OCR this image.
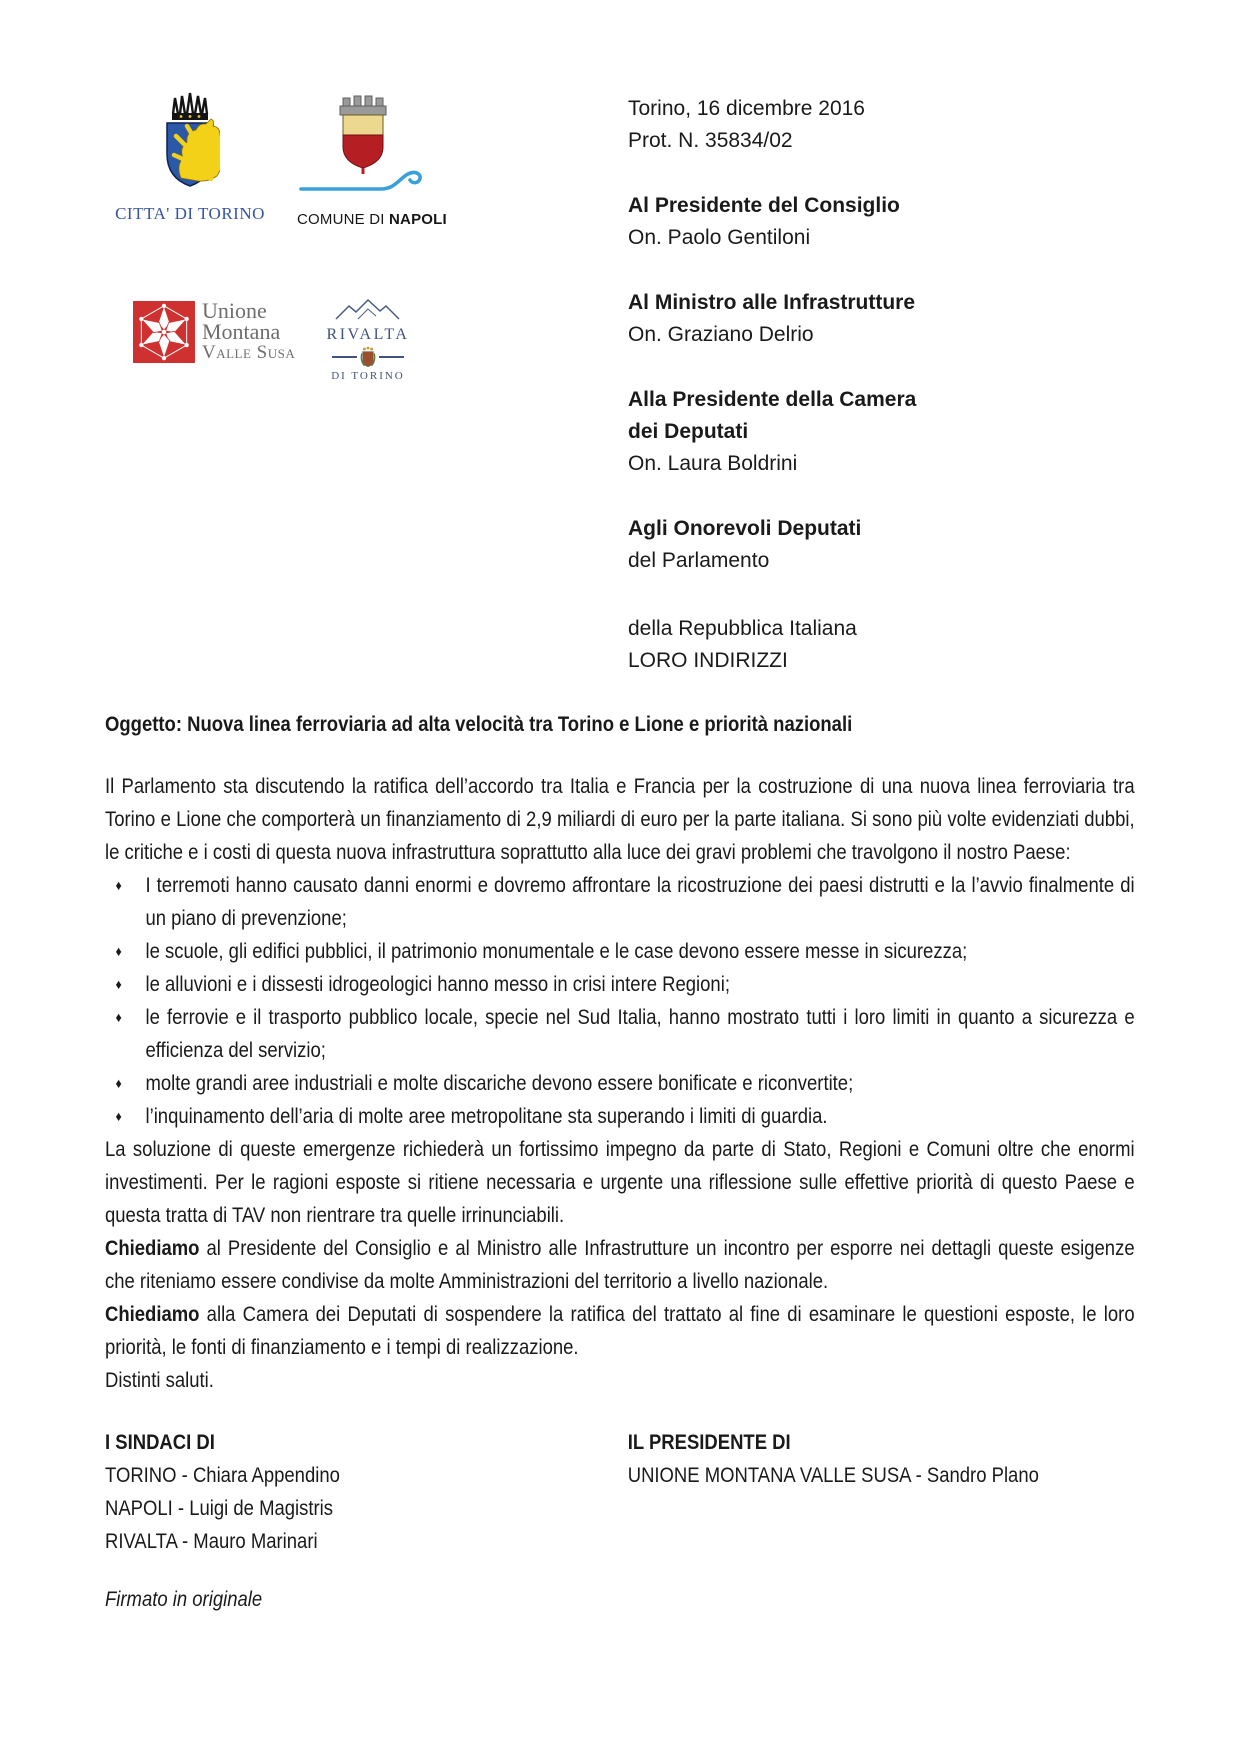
CITTA' DI TORINO	COMUNE DI NAPOLI
Unione
Montana
Valle Susa
RIVALTA
DI TORINO
Torino, 16 dicembre 2016
Prot. N. 35834/02
Al Presidente del Consiglio
On. Paolo Gentiloni
Al Ministro alle Infrastrutture
On. Graziano Delrio
Alla Presidente della Camera
dei Deputati
On. Laura Boldrini
Agli Onorevoli Deputati
del Parlamento
della Repubblica Italiana
LORO INDIRIZZI
Oggetto: Nuova linea ferroviaria ad alta velocità tra Torino e Lione e priorità nazionali

Il Parlamento sta discutendo la ratifica dell’accordo tra Italia e Francia per la costruzione di una nuova linea ferroviaria tra Torino e Lione che comporterà un finanziamento di 2,9 miliardi di euro per la parte italiana. Si sono più volte evidenziati dubbi, le critiche e i costi di questa nuova infrastruttura soprattutto alla luce dei gravi problemi che travolgono il nostro Paese:

♦ I terremoti hanno causato danni enormi e dovremo affrontare la ricostruzione dei paesi distrutti e la l’avvio finalmente di un piano di prevenzione;
♦ le scuole, gli edifici pubblici, il patrimonio monumentale e le case devono essere messe in sicurezza;
♦ le alluvioni e i dissesti idrogeologici hanno messo in crisi intere Regioni;
♦ le ferrovie e il trasporto pubblico locale, specie nel Sud Italia, hanno mostrato tutti i loro limiti in quanto a sicurezza e efficienza del servizio;
♦ molte grandi aree industriali e molte discariche devono essere bonificate e riconvertite;
♦ l’inquinamento dell’aria di molte aree metropolitane sta superando i limiti di guardia.

La soluzione di queste emergenze richiederà un fortissimo impegno da parte di Stato, Regioni e Comuni oltre che enormi investimenti. Per le ragioni esposte si ritiene necessaria e urgente una riflessione sulle effettive priorità di questo Paese e questa tratta di TAV non rientrare tra quelle irrinunciabili.

Chiediamo al Presidente del Consiglio e al Ministro alle Infrastrutture un incontro per esporre nei dettagli queste esigenze che riteniamo essere condivise da molte Amministrazioni del territorio a livello nazionale.

Chiediamo alla Camera dei Deputati di sospendere la ratifica del trattato al fine di esaminare le questioni esposte, le loro priorità, le fonti di finanziamento e i tempi di realizzazione.

Distinti saluti.

I SINDACI DI
TORINO - Chiara Appendino
NAPOLI - Luigi de Magistris
RIVALTA - Mauro Marinari
IL PRESIDENTE DI
UNIONE MONTANA VALLE SUSA - Sandro Plano
Firmato in originale
